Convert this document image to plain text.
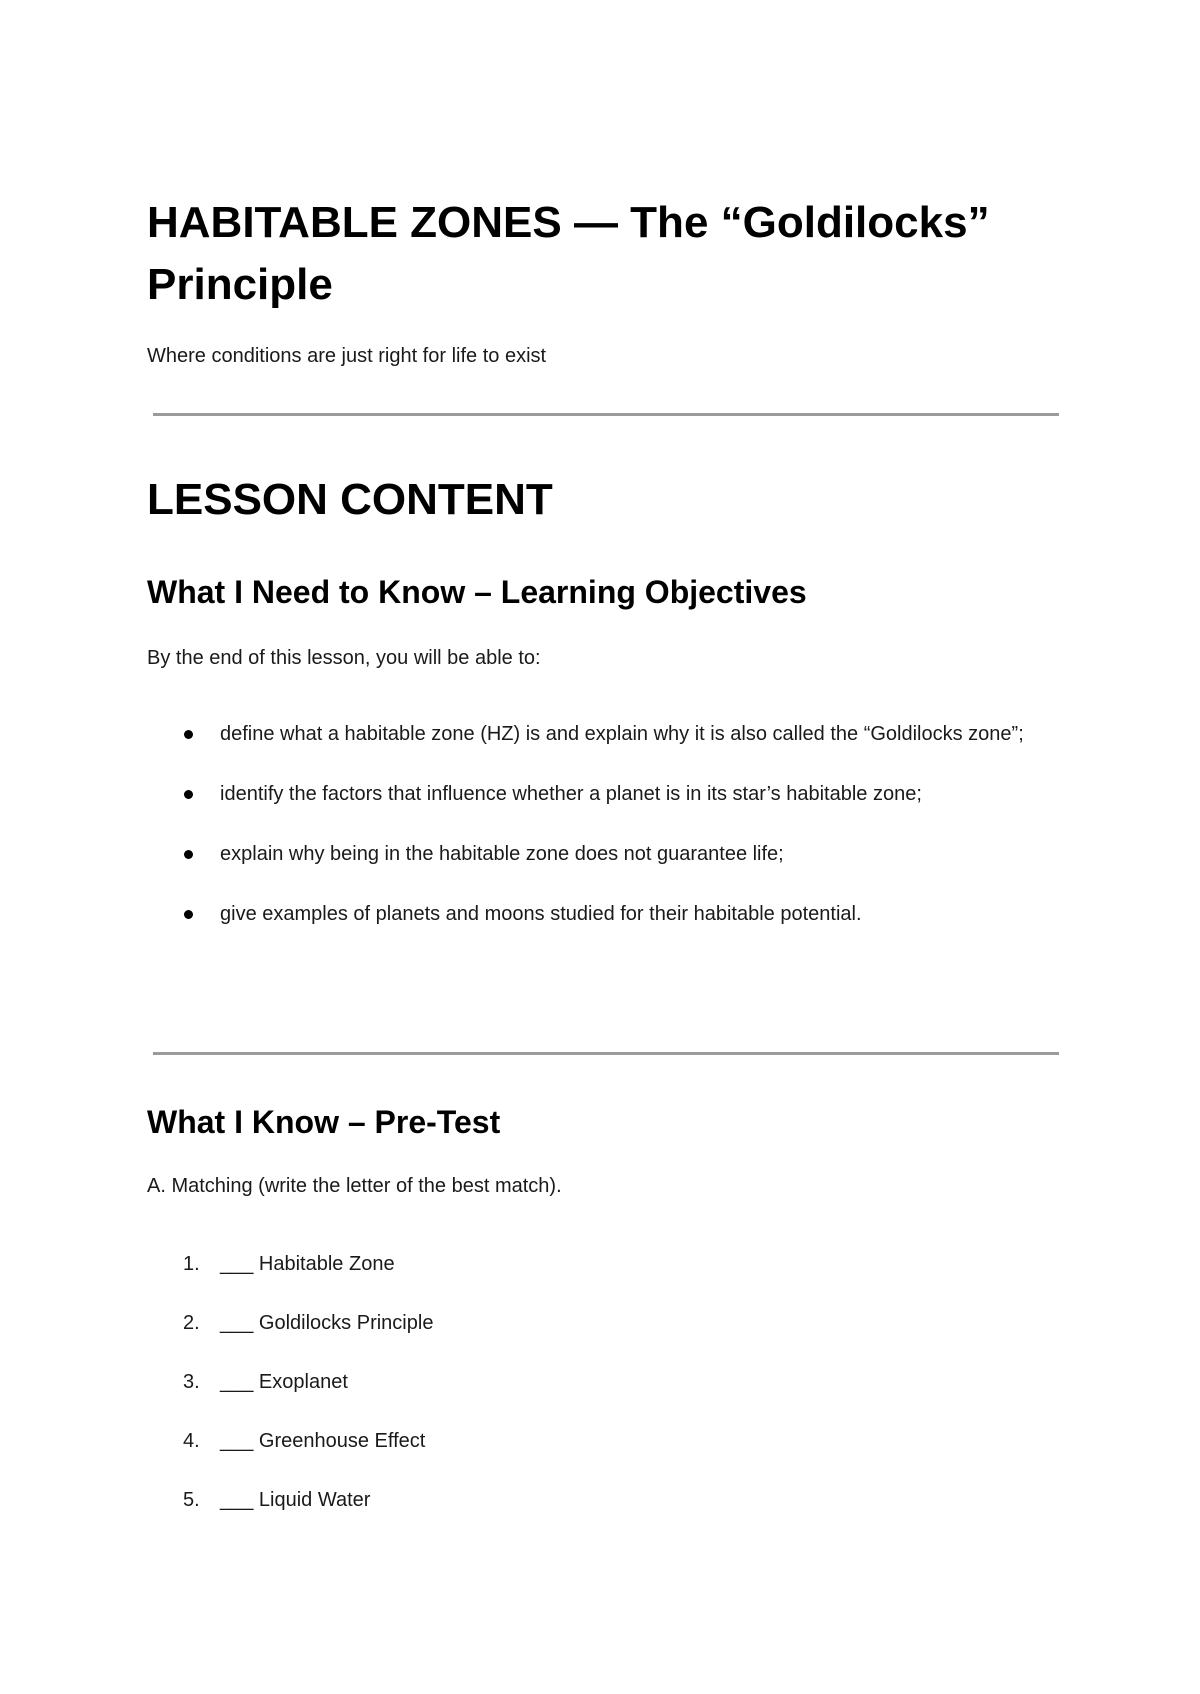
HABITABLE ZONES — The “Goldilocks” Principle

Where conditions are just right for life to exist

LESSON CONTENT
What I Need to Know – Learning Objectives

By the end of this lesson, you will be able to:

define what a habitable zone (HZ) is and explain why it is also called the “Goldilocks zone”;
identify the factors that influence whether a planet is in its star’s habitable zone;
explain why being in the habitable zone does not guarantee life;
give examples of planets and moons studied for their habitable potential.
What I Know – Pre-Test

A. Matching (write the letter of the best match).

1. ___ Habitable Zone
2. ___ Goldilocks Principle
3. ___ Exoplanet
4. ___ Greenhouse Effect
5. ___ Liquid Water
